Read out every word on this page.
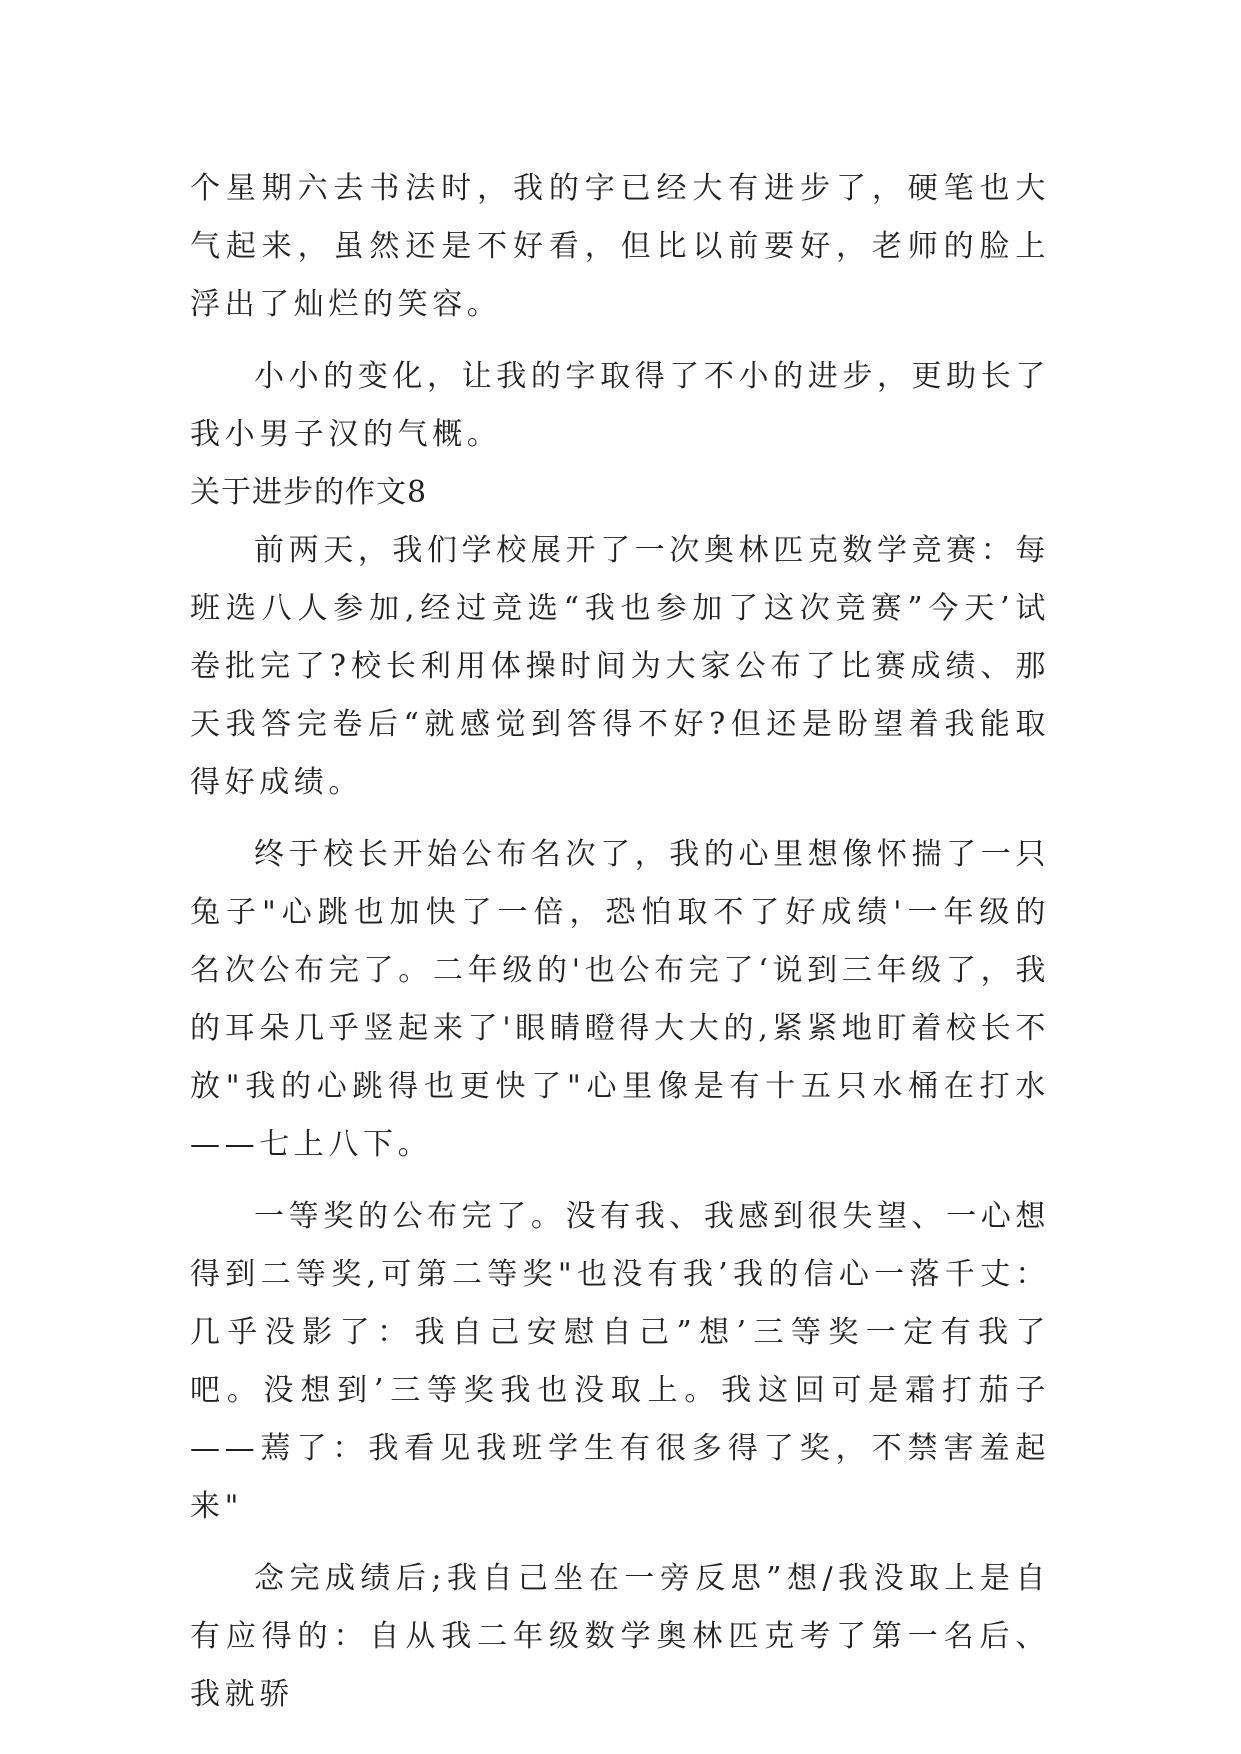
个星期六去书法时，我的字已经大有进步了，硬笔也大气起来，虽然还是不好看，但比以前要好，老师的脸上浮出了灿烂的笑容。

小小的变化，让我的字取得了不小的进步，更助长了我小男子汉的气概。

关于进步的作文8

前两天，我们学校展开了一次奥林匹克数学竞赛：每班选八人参加,经过竞选“我也参加了这次竞赛”今天’试卷批完了?校长利用体操时间为大家公布了比赛成绩、那天我答完卷后“就感觉到答得不好?但还是盼望着我能取得好成绩。

终于校长开始公布名次了，我的心里想像怀揣了一只兔子"心跳也加快了一倍，恐怕取不了好成绩'一年级的名次公布完了。二年级的'也公布完了‘说到三年级了，我的耳朵几乎竖起来了'眼睛瞪得大大的,紧紧地盯着校长不放"我的心跳得也更快了"心里像是有十五只水桶在打水——七上八下。

一等奖的公布完了。没有我、我感到很失望、一心想得到二等奖,可第二等奖"也没有我’我的信心一落千丈：几乎没影了：我自己安慰自己”想’三等奖一定有我了吧。没想到’三等奖我也没取上。我这回可是霜打茄子——蔫了：我看见我班学生有很多得了奖，不禁害羞起来"

念完成绩后;我自己坐在一旁反思”想/我没取上是自有应得的：自从我二年级数学奥林匹克考了第一名后、我就骄
